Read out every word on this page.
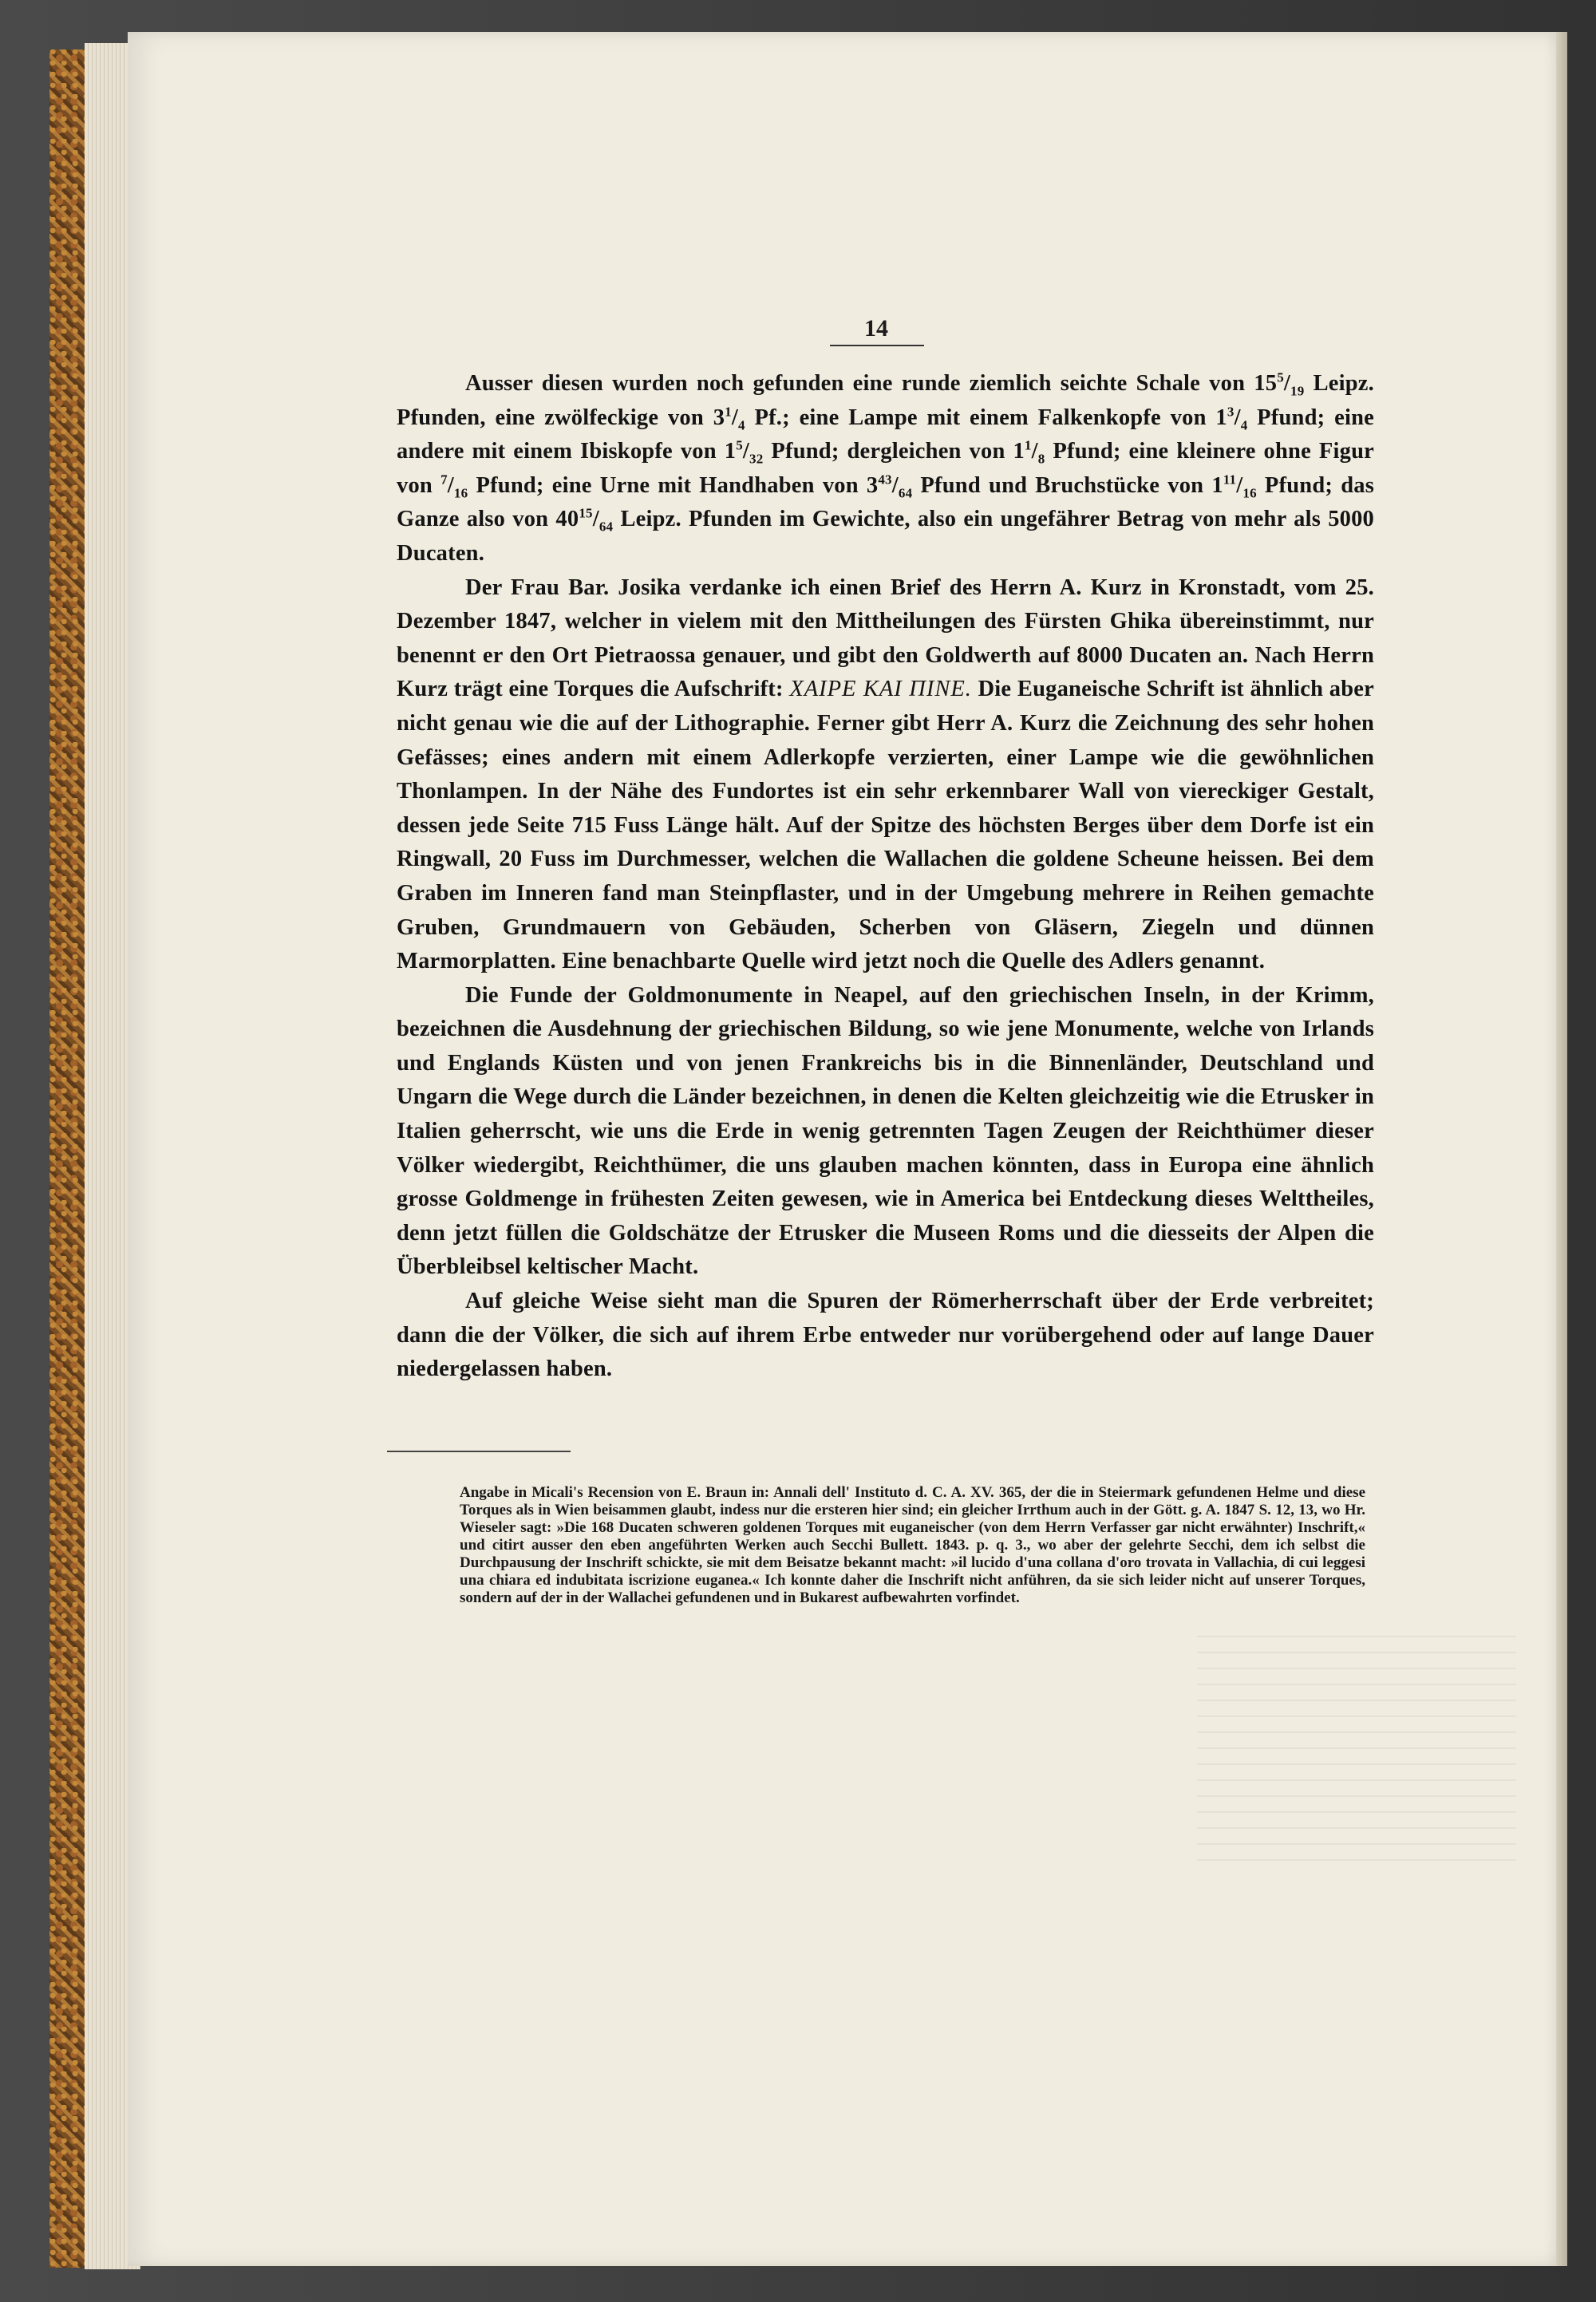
14

Ausser diesen wurden noch gefunden eine runde ziemlich seichte Schale von $15^5/_{19}$ Leipz. Pfunden, eine zwölfeckige von $3^1/_4$ Pf.; eine Lampe mit einem Falkenkopfe von $1^3/_4$ Pfund; eine andere mit einem Ibiskopfe von $1^5/_{32}$ Pfund; dergleichen von $1^1/_8$ Pfund; eine kleinere ohne Figur von $^7/_{16}$ Pfund; eine Urne mit Handhaben von $3^{43}/_{64}$ Pfund und Bruchstücke von $1^{11}/_{16}$ Pfund; das Ganze also von $40^{15}/_{64}$ Leipz. Pfunden im Gewichte, also ein ungefährer Betrag von mehr als 5000 Ducaten.

Der Frau Bar. Josika verdanke ich einen Brief des Herrn A. Kurz in Kronstadt, vom 25. Dezember 1847, welcher in vielem mit den Mittheilungen des Fürsten Ghika übereinstimmt, nur benennt er den Ort Pietraossa genauer, und gibt den Goldwerth auf 8000 Ducaten an. Nach Herrn Kurz trägt eine Torques die Aufschrift: XAIPE KAI ΠINE. Die Euganeische Schrift ist ähnlich aber nicht genau wie die auf der Lithographie. Ferner gibt Herr A. Kurz die Zeichnung des sehr hohen Gefässes; eines andern mit einem Adlerkopfe verzierten, einer Lampe wie die gewöhnlichen Thonlampen. In der Nähe des Fundortes ist ein sehr erkennbarer Wall von viereckiger Gestalt, dessen jede Seite 715 Fuss Länge hält. Auf der Spitze des höchsten Berges über dem Dorfe ist ein Ringwall, 20 Fuss im Durchmesser, welchen die Wallachen die goldene Scheune heissen. Bei dem Graben im Inneren fand man Steinpflaster, und in der Umgebung mehrere in Reihen gemachte Gruben, Grundmauern von Gebäuden, Scherben von Gläsern, Ziegeln und dünnen Marmorplatten. Eine benachbarte Quelle wird jetzt noch die Quelle des Adlers genannt.

Die Funde der Goldmonumente in Neapel, auf den griechischen Inseln, in der Krimm, bezeichnen die Ausdehnung der griechischen Bildung, so wie jene Monumente, welche von Irlands und Englands Küsten und von jenen Frankreichs bis in die Binnenländer, Deutschland und Ungarn die Wege durch die Länder bezeichnen, in denen die Kelten gleichzeitig wie die Etrusker in Italien geherrscht, wie uns die Erde in wenig getrennten Tagen Zeugen der Reichthümer dieser Völker wiedergibt, Reichthümer, die uns glauben machen könnten, dass in Europa eine ähnlich grosse Goldmenge in frühesten Zeiten gewesen, wie in America bei Entdeckung dieses Welttheiles, denn jetzt füllen die Goldschätze der Etrusker die Museen Roms und die diesseits der Alpen die Überbleibsel keltischer Macht.

Auf gleiche Weise sieht man die Spuren der Römerherrschaft über der Erde verbreitet; dann die der Völker, die sich auf ihrem Erbe entweder nur vorübergehend oder auf lange Dauer niedergelassen haben.

Angabe in Micali's Recension von E. Braun in: Annali dell' Instituto d. C. A. XV. 365, der die in Steiermark gefundenen Helme und diese Torques als in Wien beisammen glaubt, indess nur die ersteren hier sind; ein gleicher Irrthum auch in der Gött. g. A. 1847 S. 12, 13, wo Hr. Wieseler sagt: »Die 168 Ducaten schweren goldenen Torques mit euganeischer (von dem Herrn Verfasser gar nicht erwähnter) Inschrift,« und citirt ausser den eben angeführten Werken auch Secchi Bullett. 1843. p. q. 3., wo aber der gelehrte Secchi, dem ich selbst die Durchpausung der Inschrift schickte, sie mit dem Beisatze bekannt macht: »il lucido d'una collana d'oro trovata in Vallachia, di cui leggesi una chiara ed indubitata iscrizione euganea.« Ich konnte daher die Inschrift nicht anführen, da sie sich leider nicht auf unserer Torques, sondern auf der in der Wallachei gefundenen und in Bukarest aufbewahrten vorfindet.
